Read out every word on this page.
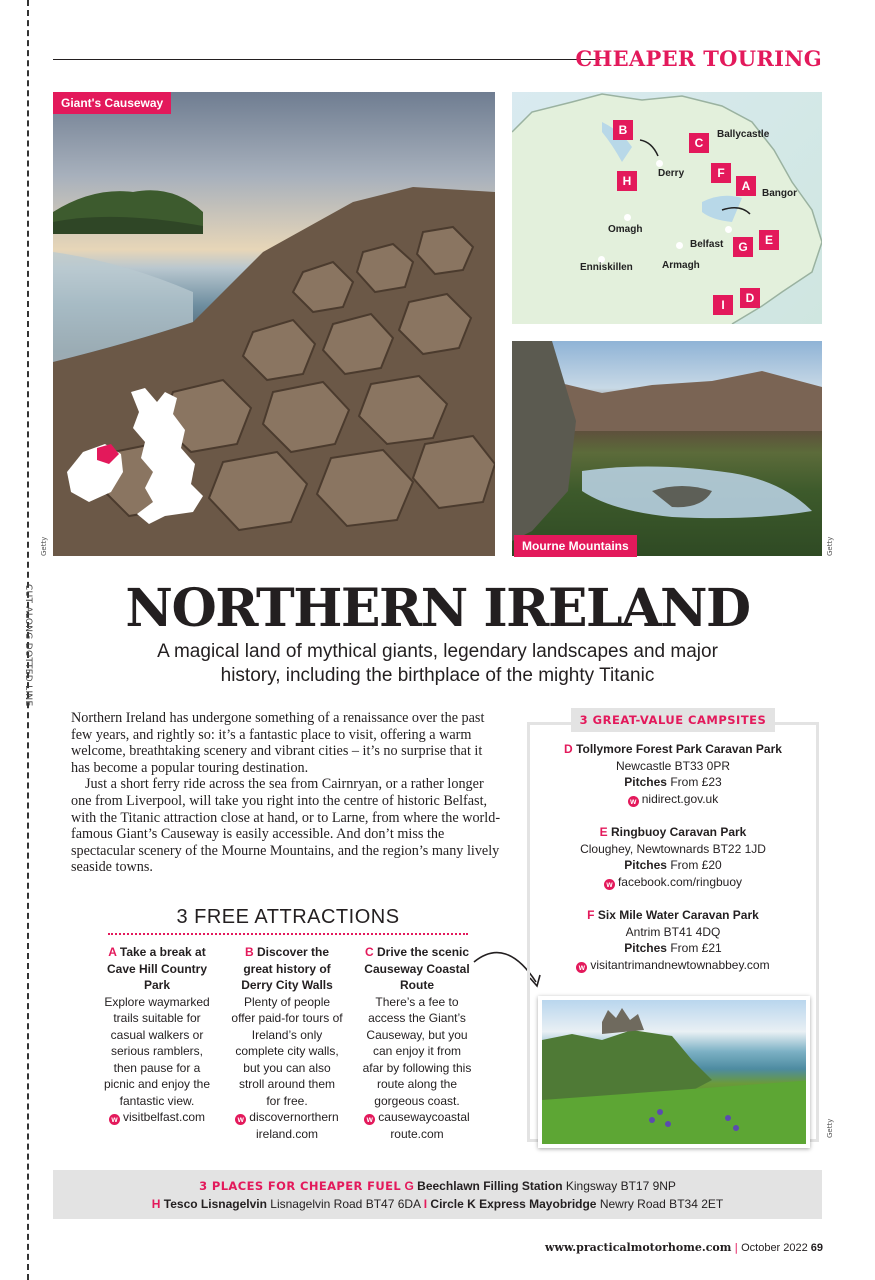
CUT ALONG DOTTED LINE
CHEAPER TOURING
Giant's Causeway
Getty
Ballycastle
Derry
Bangor
Omagh
Belfast
Enniskillen	Armagh
B
H
C
F
A
G	E
D
I
Mourne Mountains	Getty
NORTHERN IRELAND
A magical land of mythical giants, legendary landscapes and major history, including the birthplace of the mighty Titanic

Northern Ireland has undergone something of a renaissance over the past few years, and rightly so: it’s a fantastic place to visit, offering a warm welcome, breathtaking scenery and vibrant cities – it’s no surprise that it has become a popular touring destination.

Just a short ferry ride across the sea from Cairnryan, or a rather longer one from Liverpool, will take you right into the centre of historic Belfast, with the Titanic attraction close at hand, or to Larne, from where the world-famous Giant’s Causeway is easily accessible. And don’t miss the spectacular scenery of the Mourne Mountains, and the region’s many lively seaside towns.

3 FREE ATTRACTIONS
A Take a break at Cave Hill Country Park
Explore waymarked trails suitable for casual walkers or serious ramblers, then pause for a picnic and enjoy the fantastic view.
w visitbelfast.com
B Discover the great history of Derry City Walls
Plenty of people offer paid-for tours of Ireland’s only complete city walls, but you can also stroll around them for free.
w discovernorthern ireland.com
C Drive the scenic Causeway Coastal Route
There’s a fee to access the Giant’s Causeway, but you can enjoy it from afar by following this route along the gorgeous coast.
w causewaycoastal route.com
3 GREAT-VALUE CAMPSITES
D Tollymore Forest Park Caravan Park
Newcastle BT33 0PR
Pitches From £23
w nidirect.gov.uk
E Ringbuoy Caravan Park
Cloughey, Newtownards BT22 1JD
Pitches From £20
w facebook.com/ringbuoy
F Six Mile Water Caravan Park
Antrim BT41 4DQ
Pitches From £21
w visitantrimandnewtownabbey.com
Getty
3 PLACES FOR CHEAPER FUEL G Beechlawn Filling Station Kingsway BT17 9NP
H Tesco Lisnagelvin Lisnagelvin Road BT47 6DA I Circle K Express Mayobridge Newry Road BT34 2ET
www.practicalmotorhome.com | October 2022 69
